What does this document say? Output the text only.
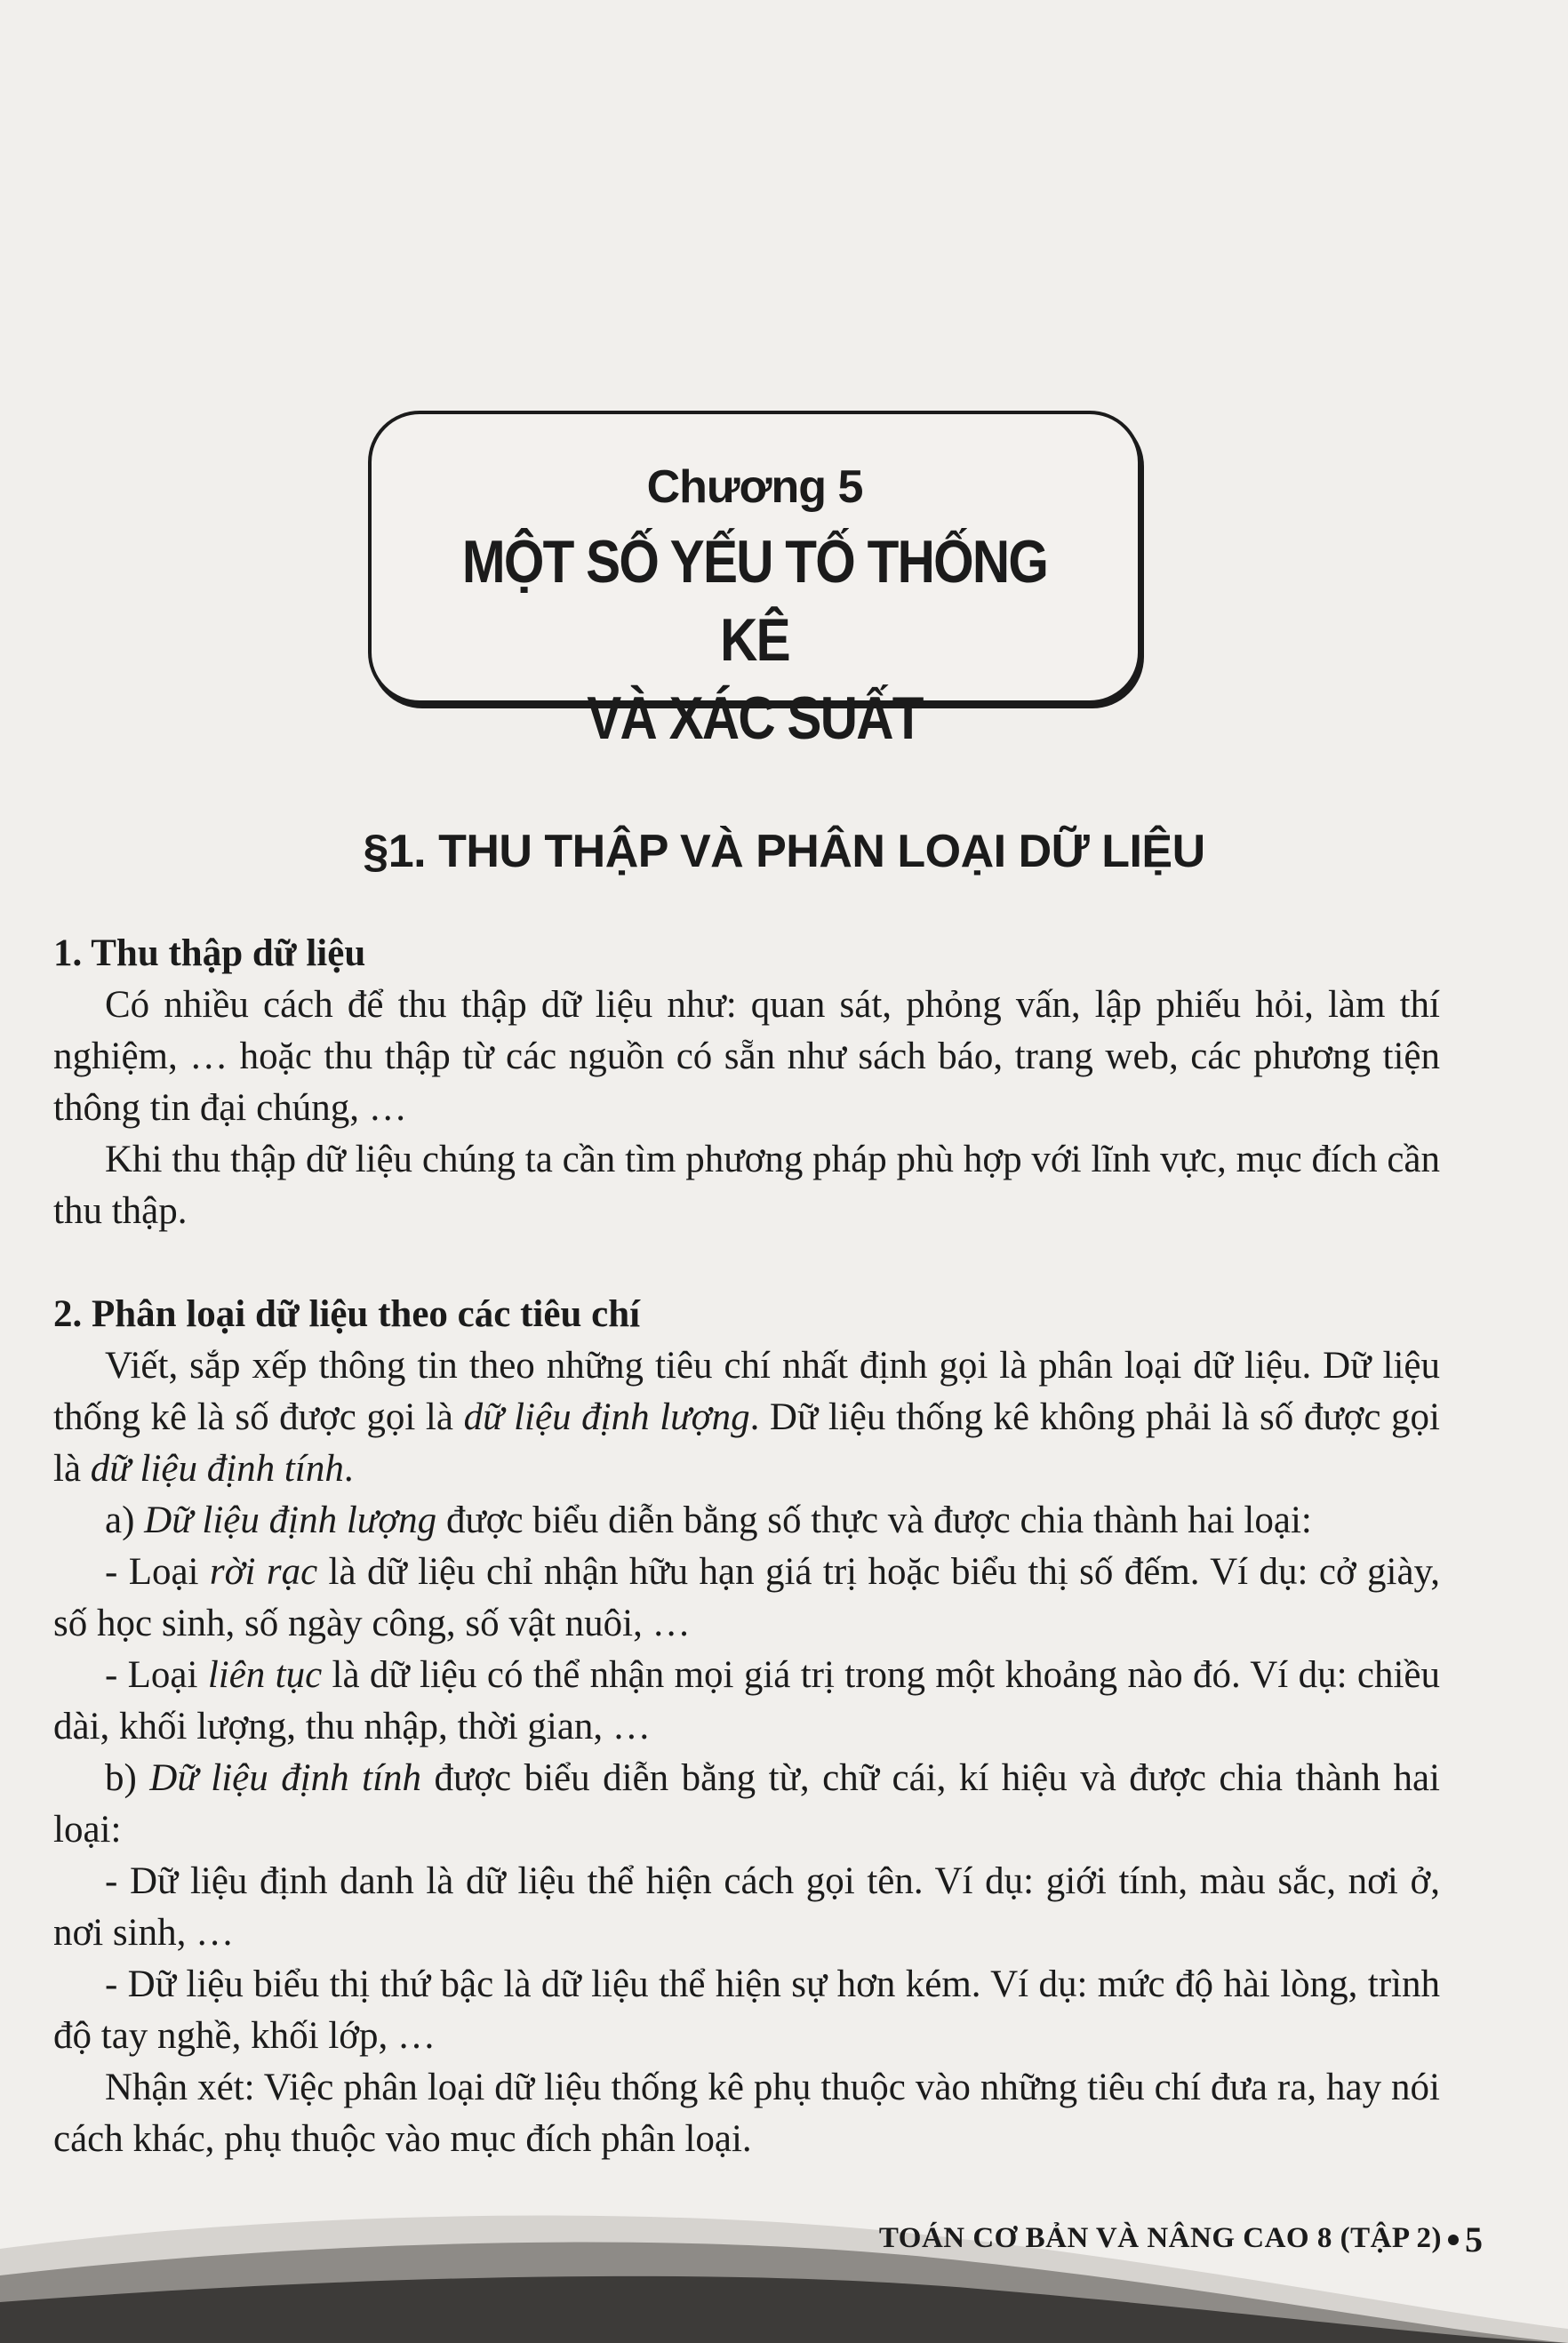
Chương 5
MỘT SỐ YẾU TỐ THỐNG KÊ
VÀ XÁC SUẤT
§1. THU THẬP VÀ PHÂN LOẠI DỮ LIỆU

1. Thu thập dữ liệu

Có nhiều cách để thu thập dữ liệu như: quan sát, phỏng vấn, lập phiếu hỏi, làm thí nghiệm, … hoặc thu thập từ các nguồn có sẵn như sách báo, trang web, các phương tiện thông tin đại chúng, …

Khi thu thập dữ liệu chúng ta cần tìm phương pháp phù hợp với lĩnh vực, mục đích cần thu thập.

2. Phân loại dữ liệu theo các tiêu chí

Viết, sắp xếp thông tin theo những tiêu chí nhất định gọi là phân loại dữ liệu. Dữ liệu thống kê là số được gọi là dữ liệu định lượng. Dữ liệu thống kê không phải là số được gọi là dữ liệu định tính.

a) Dữ liệu định lượng được biểu diễn bằng số thực và được chia thành hai loại:

- Loại rời rạc là dữ liệu chỉ nhận hữu hạn giá trị hoặc biểu thị số đếm. Ví dụ: cở giày, số học sinh, số ngày công, số vật nuôi, …

- Loại liên tục là dữ liệu có thể nhận mọi giá trị trong một khoảng nào đó. Ví dụ: chiều dài, khối lượng, thu nhập, thời gian, …

b) Dữ liệu định tính được biểu diễn bằng từ, chữ cái, kí hiệu và được chia thành hai loại:

- Dữ liệu định danh là dữ liệu thể hiện cách gọi tên. Ví dụ: giới tính, màu sắc, nơi ở, nơi sinh, …

- Dữ liệu biểu thị thứ bậc là dữ liệu thể hiện sự hơn kém. Ví dụ: mức độ hài lòng, trình độ tay nghề, khối lớp, …

Nhận xét: Việc phân loại dữ liệu thống kê phụ thuộc vào những tiêu chí đưa ra, hay nói cách khác, phụ thuộc vào mục đích phân loại.

TOÁN CƠ BẢN VÀ NÂNG CAO 8 (TẬP 2) 5
